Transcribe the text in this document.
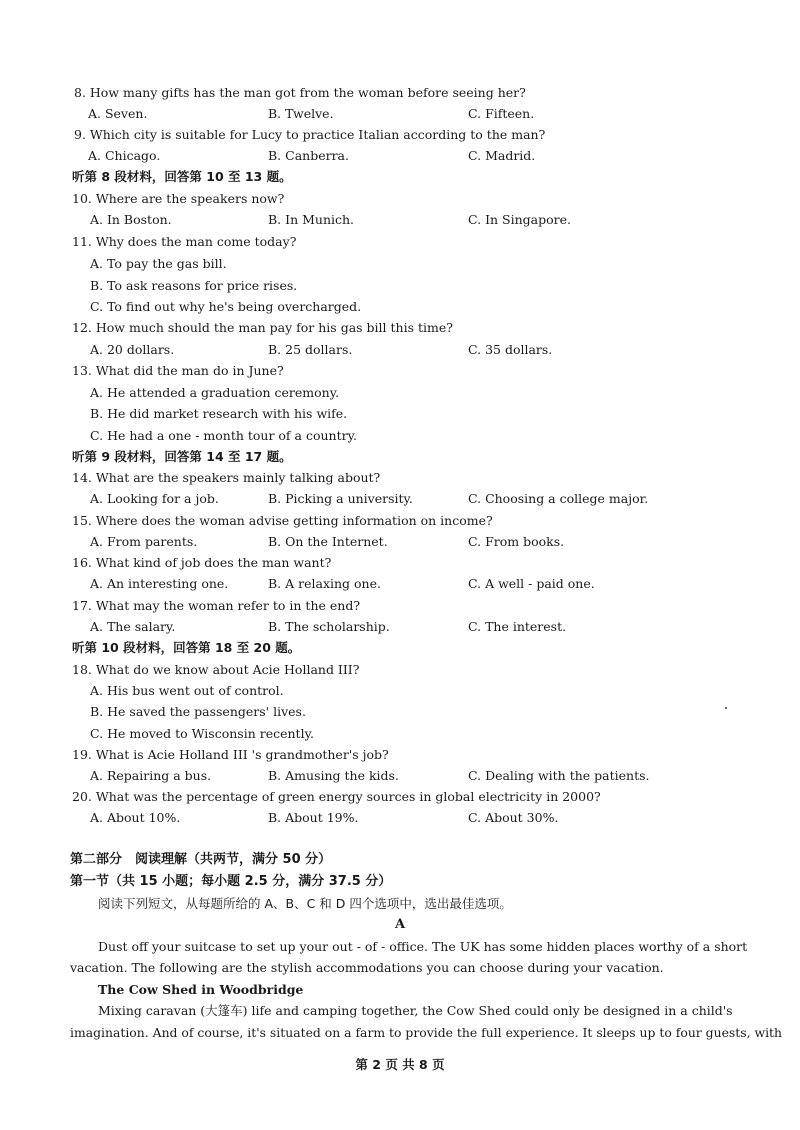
8. How many gifts has the man got from the woman before seeing her?
A. Seven.	B. Twelve.	C. Fifteen.
9. Which city is suitable for Lucy to practice Italian according to the man?
A. Chicago.	B. Canberra.	C. Madrid.
听第 8 段材料，回答第 10 至 13 题。
10. Where are the speakers now?
A. In Boston.	B. In Munich.	C. In Singapore.
11. Why does the man come today?
A. To pay the gas bill.
B. To ask reasons for price rises.
C. To find out why he's being overcharged.
12. How much should the man pay for his gas bill this time?
A. 20 dollars.	B. 25 dollars.	C. 35 dollars.
13. What did the man do in June?
A. He attended a graduation ceremony.
B. He did market research with his wife.
C. He had a one - month tour of a country.
听第 9 段材料，回答第 14 至 17 题。
14. What are the speakers mainly talking about?
A. Looking for a job.	B. Picking a university.	C. Choosing a college major.
15. Where does the woman advise getting information on income?
A. From parents.	B. On the Internet.	C. From books.
16. What kind of job does the man want?
A. An interesting one.	B. A relaxing one.	C. A well - paid one.
17. What may the woman refer to in the end?
A. The salary.	B. The scholarship.	C. The interest.
听第 10 段材料，回答第 18 至 20 题。
18. What do we know about Acie Holland III?
A. His bus went out of control.
B. He saved the passengers' lives.
C. He moved to Wisconsin recently.
19. What is Acie Holland III 's grandmother's job?
A. Repairing a bus.	B. Amusing the kids.	C. Dealing with the patients.
20. What was the percentage of green energy sources in global electricity in 2000?
A. About 10%.	B. About 19%.	C. About 30%.
第二部分　阅读理解（共两节，满分 50 分）
第一节（共 15 小题；每小题 2.5 分，满分 37.5 分）
阅读下列短文，从每题所给的 A、B、C 和 D 四个选项中，选出最佳选项。
A
Dust off your suitcase to set up your out - of - office. The UK has some hidden places worthy of a short
vacation. The following are the stylish accommodations you can choose during your vacation.
The Cow Shed in Woodbridge
Mixing caravan (大篷车) life and camping together, the Cow Shed could only be designed in a child's
imagination. And of course, it's situated on a farm to provide the full experience. It sleeps up to four guests, with
第 2 页 共 8 页
